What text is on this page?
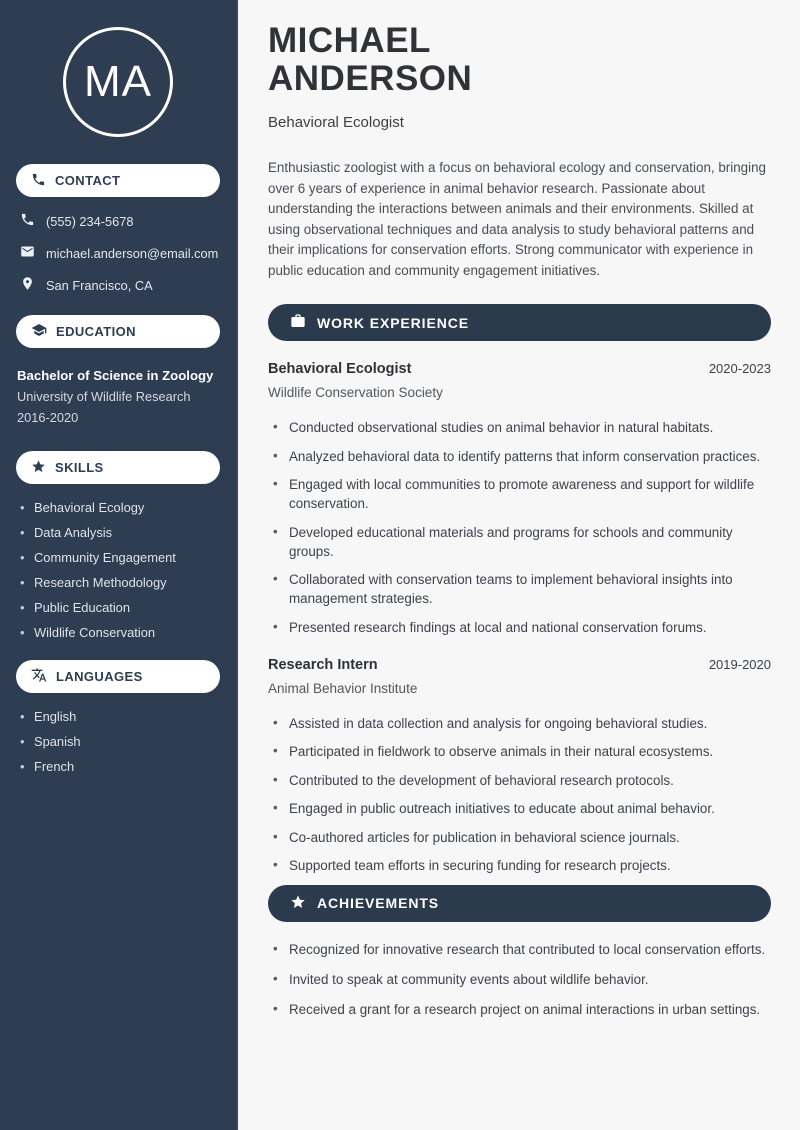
MA
CONTACT
(555) 234-5678
michael.anderson@email.com
San Francisco, CA
EDUCATION
Bachelor of Science in Zoology
University of Wildlife Research
2016-2020
SKILLS
• Behavioral Ecology
• Data Analysis
• Community Engagement
• Research Methodology
• Public Education
• Wildlife Conservation
LANGUAGES
• English
• Spanish
• French
MICHAEL
ANDERSON
Behavioral Ecologist

Enthusiastic zoologist with a focus on behavioral ecology and conservation, bringing over 6 years of experience in animal behavior research. Passionate about understanding the interactions between animals and their environments. Skilled at using observational techniques and data analysis to study behavioral patterns and their implications for conservation efforts. Strong communicator with experience in public education and community engagement initiatives.

WORK EXPERIENCE
Behavioral Ecologist	2020-2023
Wildlife Conservation Society
• Conducted observational studies on animal behavior in natural habitats.
• Analyzed behavioral data to identify patterns that inform conservation practices.
• Engaged with local communities to promote awareness and support for wildlife conservation.
• Developed educational materials and programs for schools and community groups.
• Collaborated with conservation teams to implement behavioral insights into management strategies.
• Presented research findings at local and national conservation forums.
Research Intern	2019-2020
Animal Behavior Institute
• Assisted in data collection and analysis for ongoing behavioral studies.
• Participated in fieldwork to observe animals in their natural ecosystems.
• Contributed to the development of behavioral research protocols.
• Engaged in public outreach initiatives to educate about animal behavior.
• Co-authored articles for publication in behavioral science journals.
• Supported team efforts in securing funding for research projects.
ACHIEVEMENTS
• Recognized for innovative research that contributed to local conservation efforts.
• Invited to speak at community events about wildlife behavior.
• Received a grant for a research project on animal interactions in urban settings.
